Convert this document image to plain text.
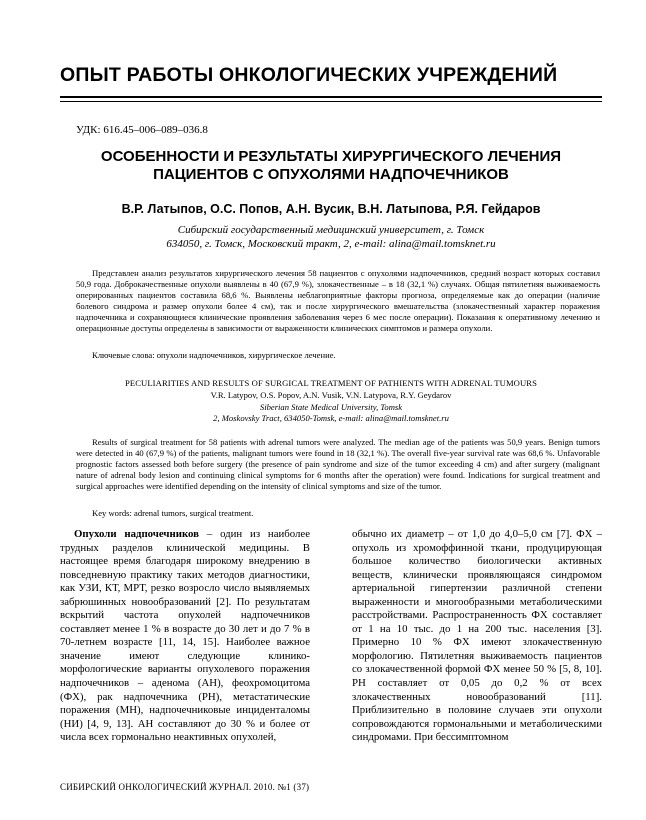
ОПЫТ РАБОТЫ ОНКОЛОГИЧЕСКИХ УЧРЕЖДЕНИЙ
УДК: 616.45–006–089–036.8
ОСОБЕННОСТИ И РЕЗУЛЬТАТЫ ХИРУРГИЧЕСКОГО ЛЕЧЕНИЯ
ПАЦИЕНТОВ С ОПУХОЛЯМИ НАДПОЧЕЧНИКОВ
В.Р. Латыпов, О.С. Попов, А.Н. Вусик, В.Н. Латыпова, Р.Я. Гейдаров
Сибирский государственный медицинский университет, г. Томск
634050, г. Томск, Московский тракт, 2, e-mail: alina@mail.tomsknet.ru
Представлен анализ результатов хирургического лечения 58 пациентов с опухолями надпочечников, средний возраст которых составил 50,9 года. Доброкачественные опухоли выявлены в 40 (67,9 %), злокачественные – в 18 (32,1 %) случаях. Общая пятилетняя выживаемость оперированных пациентов составила 68,6 %. Выявлены неблагоприятные факторы прогноза, определяемые как до операции (наличие болевого синдрома и размер опухоли более 4 см), так и после хирургического вмешательства (злокачественный характер поражения надпочечника и сохраняющиеся клинические проявления заболевания через 6 мес после операции). Показания к оперативному лечению и операционные доступы определены в зависимости от выраженности клинических симптомов и размера опухоли.
Ключевые слова: опухоли надпочечников, хирургическое лечение.
PECULIARITIES AND RESULTS OF SURGICAL TREATMENT OF PATHIENTS WITH ADRENAL TUMOURS
V.R. Latypov, O.S. Popov, A.N. Vusik, V.N. Latypova, R.Y. Geydarov
Siberian State Medical University, Tomsk
2, Moskovsky Tract, 634050-Tomsk, e-mail: alina@mail.tomsknet.ru
Results of surgical treatment for 58 patients with adrenal tumors were analyzed. The median age of the patients was 50,9 years. Benign tumors were detected in 40 (67,9 %) of the patients, malignant tumors were found in 18 (32,1 %). The overall five-year survival rate was 68,6 %. Unfavorable prognostic factors assessed both before surgery (the presence of pain syndrome and size of the tumor exceeding 4 cm) and after surgery (malignant nature of adrenal body lesion and continuing clinical symptoms for 6 months after the operation) were found. Indications for surgical treatment and surgical approaches were identified depending on the intensity of clinical symptoms and size of the tumor.
Key words: adrenal tumors, surgical treatment.
Опухоли надпочечников – один из наиболее трудных разделов клинической медицины. В настоящее время благодаря широкому внедрению в повседневную практику таких методов диагностики, как УЗИ, КТ, МРТ, резко возросло число выявляемых забрюшинных новообразований [2]. По результатам вскрытий частота опухолей надпочечников составляет менее 1 % в возрасте до 30 лет и до 7 % в 70-летнем возрасте [11, 14, 15]. Наиболее важное значение имеют следующие клинико-морфологические варианты опухолевого поражения надпочечников – аденома (АН), феохромоцитома (ФХ), рак надпочечника (РН), метастатические поражения (МН), надпочечниковые инциденталомы (НИ) [4, 9, 13]. АН составляют до 30 % и более от числа всех гормонально неактивных опухолей,
обычно их диаметр – от 1,0 до 4,0–5,0 см [7]. ФХ – опухоль из хромоффинной ткани, продуцирующая большое количество биологически активных веществ, клинически проявляющаяся синдромом артериальной гипертензии различной степени выраженности и многообразными метаболическими расстройствами. Распространенность ФХ составляет от 1 на 10 тыс. до 1 на 200 тыс. населения [3]. Примерно 10 % ФХ имеют злокачественную морфологию. Пятилетняя выживаемость пациентов со злокачественной формой ФХ менее 50 % [5, 8, 10]. РН составляет от 0,05 до 0,2 % от всех злокачественных новообразований [11]. Приблизительно в половине случаев эти опухоли сопровождаются гормональными и метаболическими синдромами. При бессимптомном
СИБИРСКИЙ ОНКОЛОГИЧЕСКИЙ ЖУРНАЛ. 2010. №1 (37)
